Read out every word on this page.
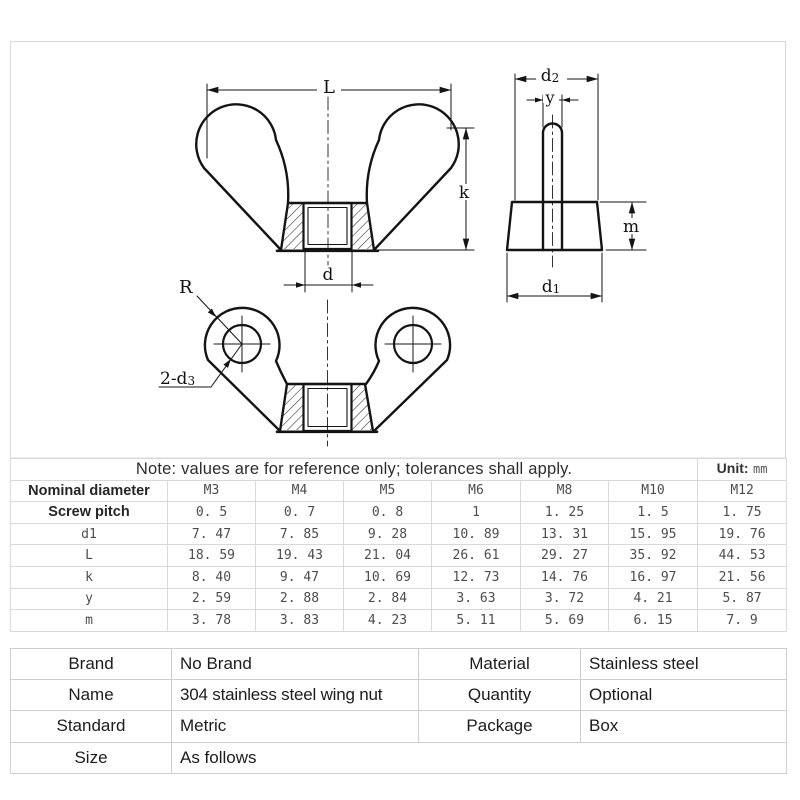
L
k
d
d2
y
m
d1
R
2-d3
Note: values are for reference only; tolerances shall apply.							Unit: mm
Nominal diameter	M3	M4	M5	M6	M8	M10	M12
Screw pitch	0. 5	0. 7	0. 8	1	1. 25	1. 5	1. 75
d1	7. 47	7. 85	9. 28	10. 89	13. 31	15. 95	19. 76
L	18. 59	19. 43	21. 04	26. 61	29. 27	35. 92	44. 53
k	8. 40	9. 47	10. 69	12. 73	14. 76	16. 97	21. 56
y	2. 59	2. 88	2. 84	3. 63	3. 72	4. 21	5. 87
m	3. 78	3. 83	4. 23	5. 11	5. 69	6. 15	7. 9
Brand	No Brand	Material	Stainless steel
Name	304 stainless steel wing nut	Quantity	Optional
Standard	Metric	Package	Box
Size	As follows		
